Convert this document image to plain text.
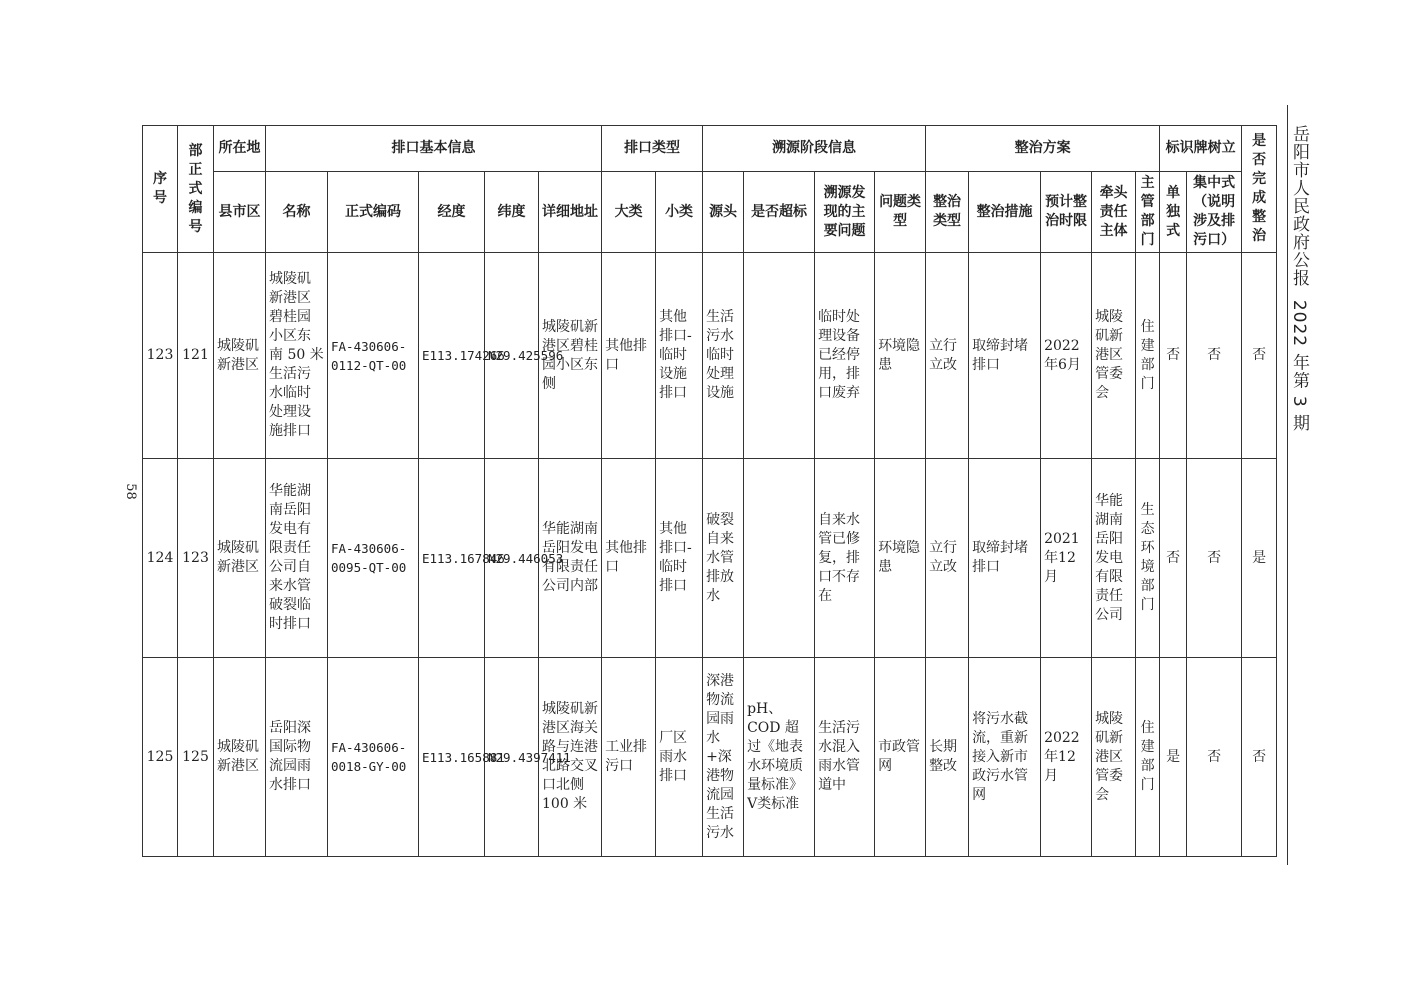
58
岳阳市人民政府公报  2022 年第 3 期
序号	部正式编号	所在地	排口基本信息					排口类型		溯源阶段信息				整治方案					标识牌树立		是否完成整治
		县市区	名称	正式编码	经度	纬度	详细地址	大类	小类	源头	是否超标	溯源发现的主要问题	问题类型	整治类型	整治措施	预计整治时限	牵头责任主体	主管部门	单独式	集中式（说明涉及排污口）	
123	121	城陵矶新港区	城陵矶新港区碧桂园小区东南 50 米生活污水临时处理设施排口	FA-430606-0112-QT-00	E113.174266	N29.425596	城陵矶新港区碧桂园小区东侧	其他排口	其他排口-临时设施排口	生活污水临时处理设施		临时处理设备已经停用，排口废弃	环境隐患	立行立改	取缔封堵排口	2022年6月	城陵矶新港区管委会	住建部门	否	否	否
124	123	城陵矶新港区	华能湖南岳阳发电有限责任公司自来水管破裂临时排口	FA-430606-0095-QT-00	E113.167846	N29.446053	华能湖南岳阳发电有限责任公司内部	其他排口	其他排口-临时排口	破裂自来水管排放水		自来水管已修复，排口不存在	环境隐患	立行立改	取缔封堵排口	2021年12月	华能湖南岳阳发电有限责任公司	生态环境部门	否	否	是
125	125	城陵矶新港区	岳阳深国际物流园雨水排口	FA-430606-0018-GY-00	E113.165881	N29.4397411	城陵矶新港区海关路与连港北路交叉口北侧 100 米	工业排污口	厂区雨水排口	深港物流园雨水+深港物流园生活污水	pH、COD 超过《地表水环境质量标准》Ⅴ类标准	生活污水混入雨水管道中	市政管网	长期整改	将污水截流，重新接入新市政污水管网	2022年12月	城陵矶新港区管委会	住建部门	是	否	否
